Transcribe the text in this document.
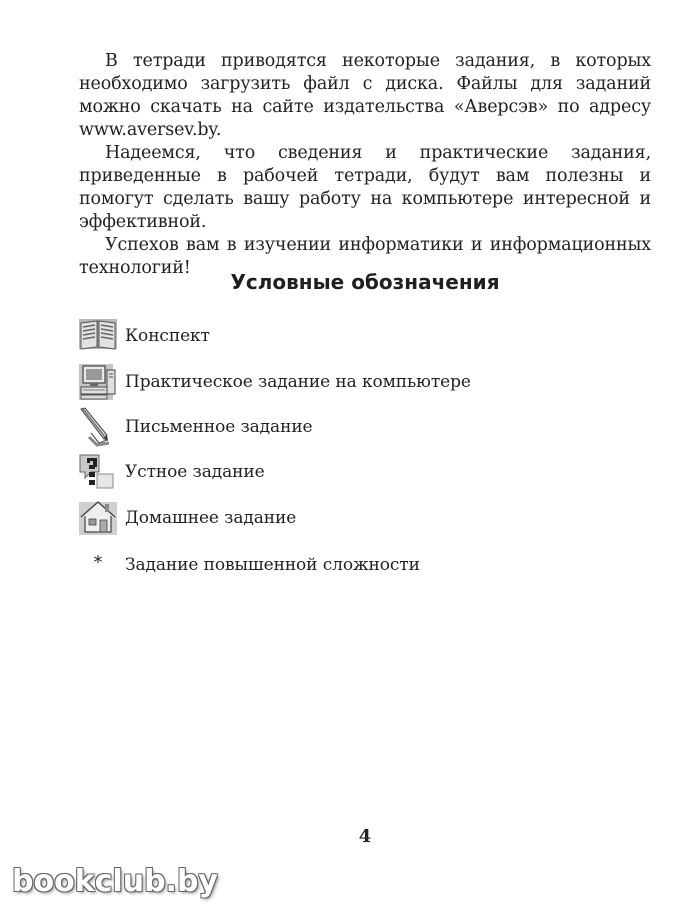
В тетради приводятся некоторые задания, в которых необходимо загрузить файл с диска. Файлы для заданий можно скачать на сайте издательства «Аверсэв» по адресу www.aversev.by.

Надеемся, что сведения и практические задания, приведенные в рабочей тетради, будут вам полезны и помогут сделать вашу работу на компьютере интересной и эффективной.

Успехов вам в изучении информатики и информационных технологий!

Условные обозначения
Конспект
Практическое задание на компьютере
Письменное задание
Устное задание
Домашнее задание
*	Задание повышенной сложности
4
bookclub.by
